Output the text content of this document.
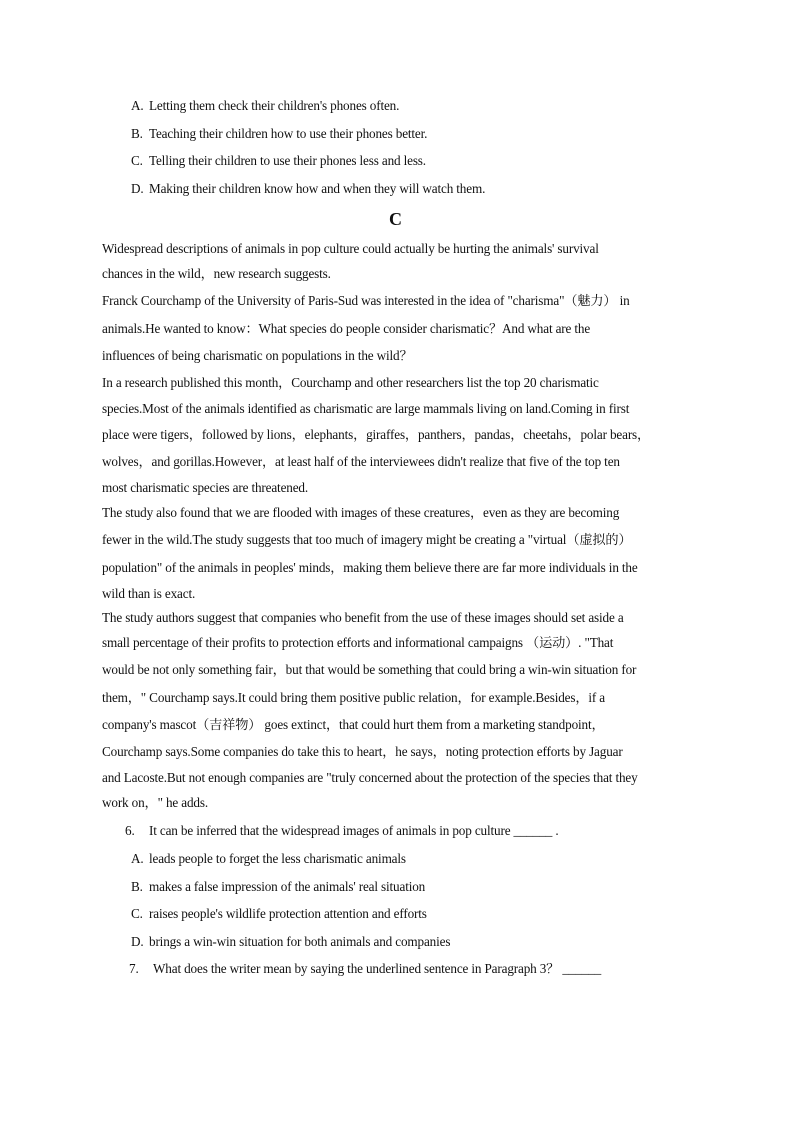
A. Letting them check their children's phones often.
B. Teaching their children how to use their phones better.
C. Telling their children to use their phones less and less.
D. Making their children know how and when they will watch them.
C
Widespread descriptions of animals in pop culture could actually be hurting the animals' survival
chances in the wild，new research suggests.
Franck Courchamp of the University of Paris-Sud was interested in the idea of "charisma"（魅力） in
animals.He wanted to know：What species do people consider charismatic？And what are the
influences of being charismatic on populations in the wild？
In a research published this month，Courchamp and other researchers list the top 20 charismatic
species.Most of the animals identified as charismatic are large mammals living on land.Coming in first
place were tigers，followed by lions，elephants，giraffes，panthers，pandas，cheetahs，polar bears，
wolves，and gorillas.However，at least half of the interviewees didn't realize that five of the top ten
most charismatic species are threatened.
The study also found that we are flooded with images of these creatures，even as they are becoming
fewer in the wild.The study suggests that too much of imagery might be creating a "virtual（虚拟的）
population" of the animals in peoples' minds，making them believe there are far more individuals in the
wild than is exact.
The study authors suggest that companies who benefit from the use of these images should set aside a
small percentage of their profits to protection efforts and informational campaigns （运动）. "That
would be not only something fair，but that would be something that could bring a win-win situation for
them，" Courchamp says.It could bring them positive public relation，for example.Besides，if a
company's mascot（吉祥物） goes extinct，that could hurt them from a marketing standpoint，
Courchamp says.Some companies do take this to heart，he says，noting protection efforts by Jaguar
and Lacoste.But not enough companies are "truly concerned about the protection of the species that they
work on，" he adds.
6. It can be inferred that the widespread images of animals in pop culture ______ .
A. leads people to forget the less charismatic animals
B. makes a false impression of the animals' real situation
C. raises people's wildlife protection attention and efforts
D. brings a win-win situation for both animals and companies
7. What does the writer mean by saying the underlined sentence in Paragraph 3？ ______
